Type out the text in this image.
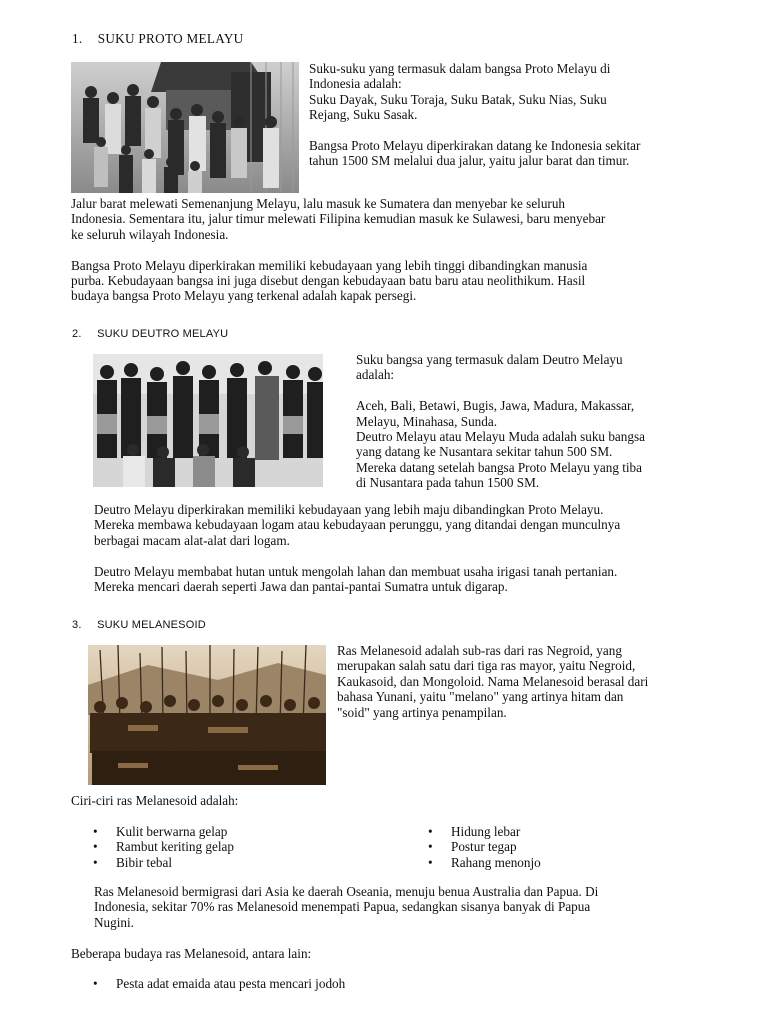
1. SUKU PROTO MELAYU

Suku-suku yang termasuk dalam bangsa Proto Melayu di
Indonesia adalah:
Suku Dayak, Suku Toraja, Suku Batak, Suku Nias, Suku
Rejang, Suku Sasak.

Bangsa Proto Melayu diperkirakan datang ke Indonesia sekitar
tahun 1500 SM melalui dua jalur, yaitu jalur barat dan timur.

Jalur barat melewati Semenanjung Melayu, lalu masuk ke Sumatera dan menyebar ke seluruh
Indonesia. Sementara itu, jalur timur melewati Filipina kemudian masuk ke Sulawesi, baru menyebar
ke seluruh wilayah Indonesia.

Bangsa Proto Melayu diperkirakan memiliki kebudayaan yang lebih tinggi dibandingkan manusia
purba. Kebudayaan bangsa ini juga disebut dengan kebudayaan batu baru atau neolithikum. Hasil
budaya bangsa Proto Melayu yang terkenal adalah kapak persegi.

2. SUKU DEUTRO MELAYU

Suku bangsa yang termasuk dalam Deutro Melayu
adalah:

Aceh, Bali, Betawi, Bugis, Jawa, Madura, Makassar,
Melayu, Minahasa, Sunda.
Deutro Melayu atau Melayu Muda adalah suku bangsa
yang datang ke Nusantara sekitar tahun 500 SM.
Mereka datang setelah bangsa Proto Melayu yang tiba
di Nusantara pada tahun 1500 SM.

Deutro Melayu diperkirakan memiliki kebudayaan yang lebih maju dibandingkan Proto Melayu.
Mereka membawa kebudayaan logam atau kebudayaan perunggu, yang ditandai dengan munculnya
berbagai macam alat-alat dari logam.

Deutro Melayu membabat hutan untuk mengolah lahan dan membuat usaha irigasi tanah pertanian.
Mereka mencari daerah seperti Jawa dan pantai-pantai Sumatra untuk digarap.

3. SUKU MELANESOID

Ras Melanesoid adalah sub-ras dari ras Negroid, yang
merupakan salah satu dari tiga ras mayor, yaitu Negroid,
Kaukasoid, dan Mongoloid. Nama Melanesoid berasal dari
bahasa Yunani, yaitu "melano" yang artinya hitam dan
"soid" yang artinya penampilan.

Ciri-ciri ras Melanesoid adalah:
• Kulit berwarna gelap
• Rambut keriting gelap
• Bibir tebal
• Hidung lebar
• Postur tegap
• Rahang menonjo
Ras Melanesoid bermigrasi dari Asia ke daerah Oseania, menuju benua Australia dan Papua. Di
Indonesia, sekitar 70% ras Melanesoid menempati Papua, sedangkan sisanya banyak di Papua
Nugini.
Beberapa budaya ras Melanesoid, antara lain:
• Pesta adat emaida atau pesta mencari jodoh
